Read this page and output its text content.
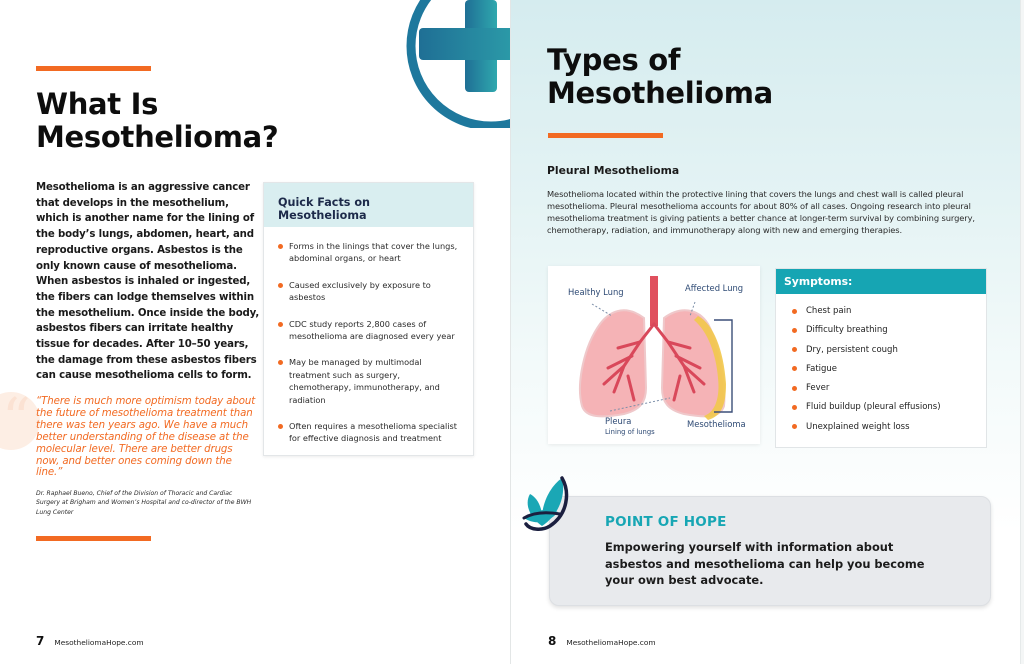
What Is
Mesothelioma?

Mesothelioma is an aggressive cancer that develops in the mesothelium, which is another name for the lining of the body’s lungs, abdomen, heart, and reproductive organs. Asbestos is the only known cause of mesothelioma. When asbestos is inhaled or ingested, the fibers can lodge themselves within the mesothelium. Once inside the body, asbestos fibers can irritate healthy tissue for decades. After 10–50 years, the damage from these asbestos fibers can cause mesothelioma cells to form.

“ “There is much more optimism today about the future of mesothelioma treatment than there was ten years ago. We have a much better understanding of the disease at the molecular level. There are better drugs now, and better ones coming down the line.”

Dr. Raphael Bueno, Chief of the Division of Thoracic and Cardiac Surgery at Brigham and Women’s Hospital and co-director of the BWH Lung Center

Quick Facts on Mesothelioma
Forms in the linings that cover the lungs, abdominal organs, or heart
Caused exclusively by exposure to asbestos
CDC study reports 2,800 cases of mesothelioma are diagnosed every year
May be managed by multimodal treatment such as surgery, chemotherapy, immunotherapy, and radiation
Often requires a mesothelioma specialist for effective diagnosis and treatment
7 MesotheliomaHope.com
Types of
Mesothelioma
Pleural Mesothelioma

Mesothelioma located within the protective lining that covers the lungs and chest wall is called pleural mesothelioma. Pleural mesothelioma accounts for about 80% of all cases. Ongoing research into pleural mesothelioma treatment is giving patients a better chance at longer-term survival by combining surgery, chemotherapy, radiation, and immunotherapy along with new and emerging therapies.

Healthy Lung	Affected Lung
Pleura
Lining of lungs
Mesothelioma
Symptoms:
Chest pain
Difficulty breathing
Dry, persistent cough
Fatigue
Fever
Fluid buildup (pleural effusions)
Unexplained weight loss
POINT OF HOPE

Empowering yourself with information about asbestos and mesothelioma can help you become your own best advocate.

8 MesotheliomaHope.com
